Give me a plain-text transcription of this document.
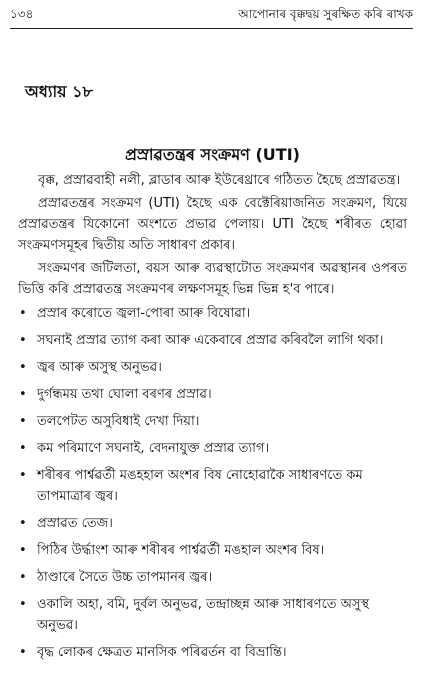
১৩৪	আপোনাৰ বৃক্কদ্বয় সুৰক্ষিত কৰি ৰাখক
অধ্যায় ১৮
প্ৰস্ৰাৱতন্ত্ৰৰ সংক্ৰমণ (UTI)

বৃক্ক, প্ৰস্ৰাৱবাহী নলী, ব্লাডাৰ আৰু ইউৰেথ্ৰাৰে গঠিতত হৈছে প্ৰস্ৰাৱতন্ত্ৰ।

প্ৰস্ৰাৱতন্ত্ৰৰ সংক্ৰমণ (UTI) হৈছে এক বেক্টেৰিয়াজনিত সংক্ৰমণ, যিয়ে প্ৰস্ৰাৱতন্ত্ৰৰ যিকোনো অংশতে প্ৰভাৱ পেলায়। UTI হৈছে শৰীৰত হোৱা সংক্ৰমণসমূহৰ দ্বিতীয় অতি সাধাৰণ প্ৰকাৰ।

সংক্ৰমণৰ জটিলতা, বয়স আৰু ব্যৱস্থাটোত সংক্ৰমণৰ অৱস্থানৰ ওপৰত ভিত্তি কৰি প্ৰস্ৰাৱতন্ত্ৰ সংক্ৰমণৰ লক্ষণসমূহ ভিন্ন ভিন্ন হ'ব পাৰে।

• প্ৰস্ৰাৰ কৰোতে জ্বলা-পোৰা আৰু বিষোৱা।
• সঘনাই প্ৰস্ৰাৱ ত্যাগ কৰা আৰু একেবাৰে প্ৰস্ৰাৱ কৰিবলৈ লাগি থকা।
• জ্বৰ আৰু অসুস্থ অনুভৱ।
• দুৰ্গন্ধময় তথা ঘোলা বৰণৰ প্ৰস্ৰাৱ।
• তলপেটত অসুবিধাই দেখা দিয়া।
• কম পৰিমাণে সঘনাই, বেদনাযুক্ত প্ৰস্ৰাৱ ত্যাগ।
• শৰীৰৰ পাৰ্শ্বৱৰ্তী মঙহহাল অংশৰ বিষ নোহোৱাকৈ সাধাৰণতে কম তাপমাত্ৰাৰ জ্বৰ।
• প্ৰস্ৰাৱত তেজ।
• পিঠিৰ উৰ্দ্ধাংশ আৰু শৰীৰৰ পাৰ্শ্বৱৰ্তী মঙহাল অংশৰ বিষ।
• ঠাণ্ডাৰে সৈতে উচ্চ তাপমানৰ জ্বৰ।
• ওকালি অহা, বমি, দুৰ্বল অনুভৱ, তন্দ্ৰাচ্ছন্ন আৰু সাধাৰণতে অসুস্থ অনুভৱ।
• বৃদ্ধ লোকৰ ক্ষেত্ৰত মানসিক পৰিৱৰ্তন বা বিভ্ৰান্তি।
